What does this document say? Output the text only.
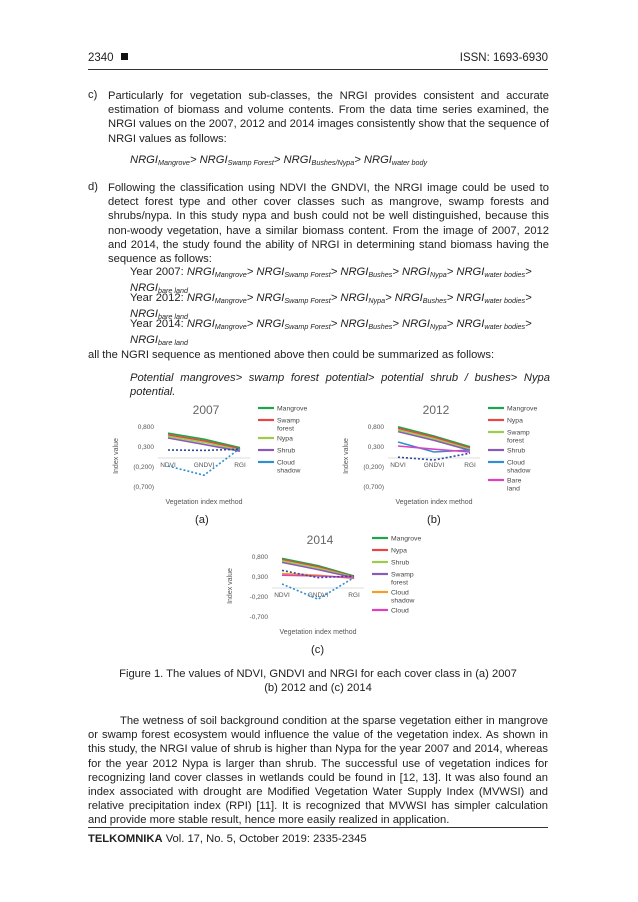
2340	ISSN: 1693-6930
c) Particularly for vegetation sub-classes, the NRGI provides consistent and accurate estimation of biomass and volume contents. From the data time series examined, the NRGI values on the 2007, 2012 and 2014 images consistently show that the sequence of NRGI values as follows:
$NRGI_{Mangrove}>$ $NRGI_{Swamp Forest}>$ $NRGI_{Bushes/Nypa}>$ $NRGI_{water body}$
d) Following the classification using NDVI the GNDVI, the NRGI image could be used to detect forest type and other cover classes such as mangrove, swamp forests and shrubs/nypa. In this study nypa and bush could not be well distinguished, because this non-woody vegetation, have a similar biomass content. From the image of 2007, 2012 and 2014, the study found the ability of NRGI in determining stand biomass having the sequence as follows:
Year 2007: $NRGI_{Mangrove}>$ $NRGI_{Swamp Forest}>$ $NRGI_{Bushes}>$ $NRGI_{Nypa}>$ $NRGI_{water bodies}>$ $NRGI_{bare land}$
Year 2012: $NRGI_{Mangrove}>$ $NRGI_{Swamp Forest}>$ $NRGI_{Nypa}>$ $NRGI_{Bushes}>$ $NRGI_{water bodies}>$ $NRGI_{bare land}$
Year 2014: $NRGI_{Mangrove}>$ $NRGI_{Swamp Forest}>$ $NRGI_{Bushes}>$ $NRGI_{Nypa}>$ $NRGI_{water bodies}>$ $NRGI_{bare land}$
all the NGRI sequence as mentioned above then could be summarized as follows:
Potential mangroves> swamp forest potential> potential shrub / bushes> Nypa potential.
2007
0,800
0,300
(0,200)
(0,700)
NDVI	GNDVI	RGI
Vegetation index method
Index value
Mangrove
Swamp
forest
Nypa
Shrub
Cloud
shadow
2012
0,800
0,300
(0,200)
(0,700)
NDVI	GNDVI	RGI
Vegetation index method
Index value
Mangrove
Nypa
Swamp
forest
Shrub
Cloud
shadow
Bare
land
2014
0,800
0,300
-0,200
-0,700
NDVI	GNDVI	RGI
Vegetation index method
Index value
Mangrove
Nypa
Shrub
Swamp
forest
Cloud
shadow
Cloud
(a)	(b)
(c)
Figure 1. The values of NDVI, GNDVI and NRGI for each cover class in (a) 2007
(b) 2012 and (c) 2014
The wetness of soil background condition at the sparse vegetation either in mangrove or swamp forest ecosystem would influence the value of the vegetation index. As shown in this study, the NRGI value of shrub is higher than Nypa for the year 2007 and 2014, whereas for the year 2012 Nypa is larger than shrub. The successful use of vegetation indices for recognizing land cover classes in wetlands could be found in [12, 13]. It was also found an index associated with drought are Modified Vegetation Water Supply Index (MVWSI) and relative precipitation index (RPI) [11]. It is recognized that MVWSI has simpler calculation and provide more stable result, hence more easily realized in application.
TELKOMNIKA Vol. 17, No. 5, October 2019: 2335-2345
